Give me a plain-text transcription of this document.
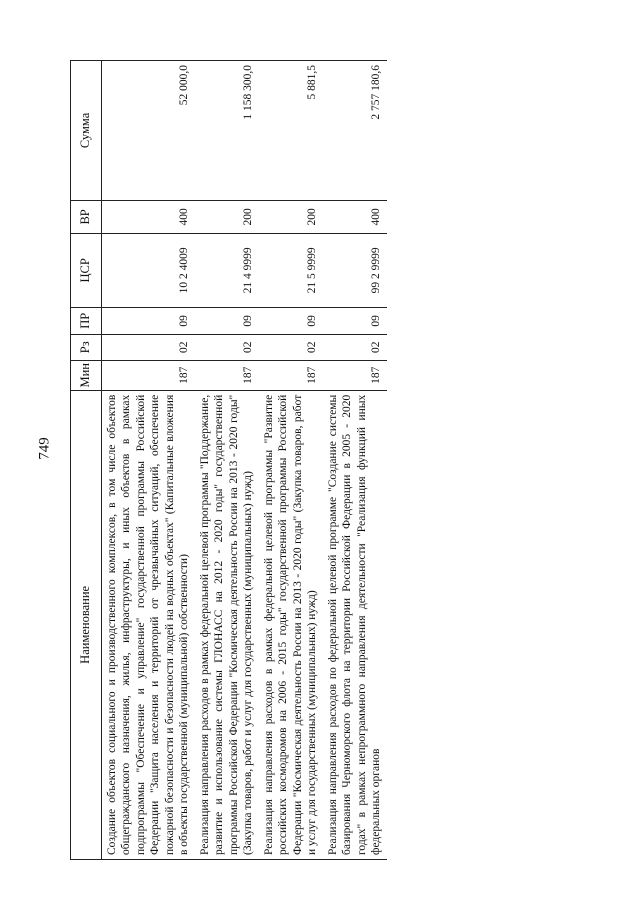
749
Наименование	Мин	Рз	ПР	ЦСР	ВР	Сумма
Создание объектов социального и производственного комплексов, в том числе объектов общегражданского назначения, жилья, инфраструктуры, и иных объектов в рамках подпрограммы "Обеспечение и управление" государственной программы Российской Федерации "Защита населения и территорий от чрезвычайных ситуаций, обеспечение пожарной безопасности и безопасности людей на водных объектах" (Капитальные вложения в объекты государственной (муниципальной) собственности)	187	02	09	10 2 4009	400	52 000,0
Реализация направления расходов в рамках федеральной целевой программы "Поддержание, развитие и использование системы ГЛОНАСС на 2012 - 2020 годы" государственной программы Российской Федерации "Космическая деятельность России на 2013 - 2020 годы" (Закупка товаров, работ и услуг для государственных (муниципальных) нужд)	187	02	09	21 4 9999	200	1 158 300,0
Реализация направления расходов в рамках федеральной целевой программы "Развитие российских космодромов на 2006 - 2015 годы" государственной программы Российской Федерации "Космическая деятельность России на 2013 - 2020 годы" (Закупка товаров, работ и услуг для государственных (муниципальных) нужд)	187	02	09	21 5 9999	200	5 881,5
Реализация направления расходов по федеральной целевой программе "Создание системы базирования Черноморского флота на территории Российской Федерации в 2005 - 2020 годах" в рамках непрограммного направления деятельности "Реализация функций иных федеральных органов	187	02	09	99 2 9999	400	2 757 180,6
